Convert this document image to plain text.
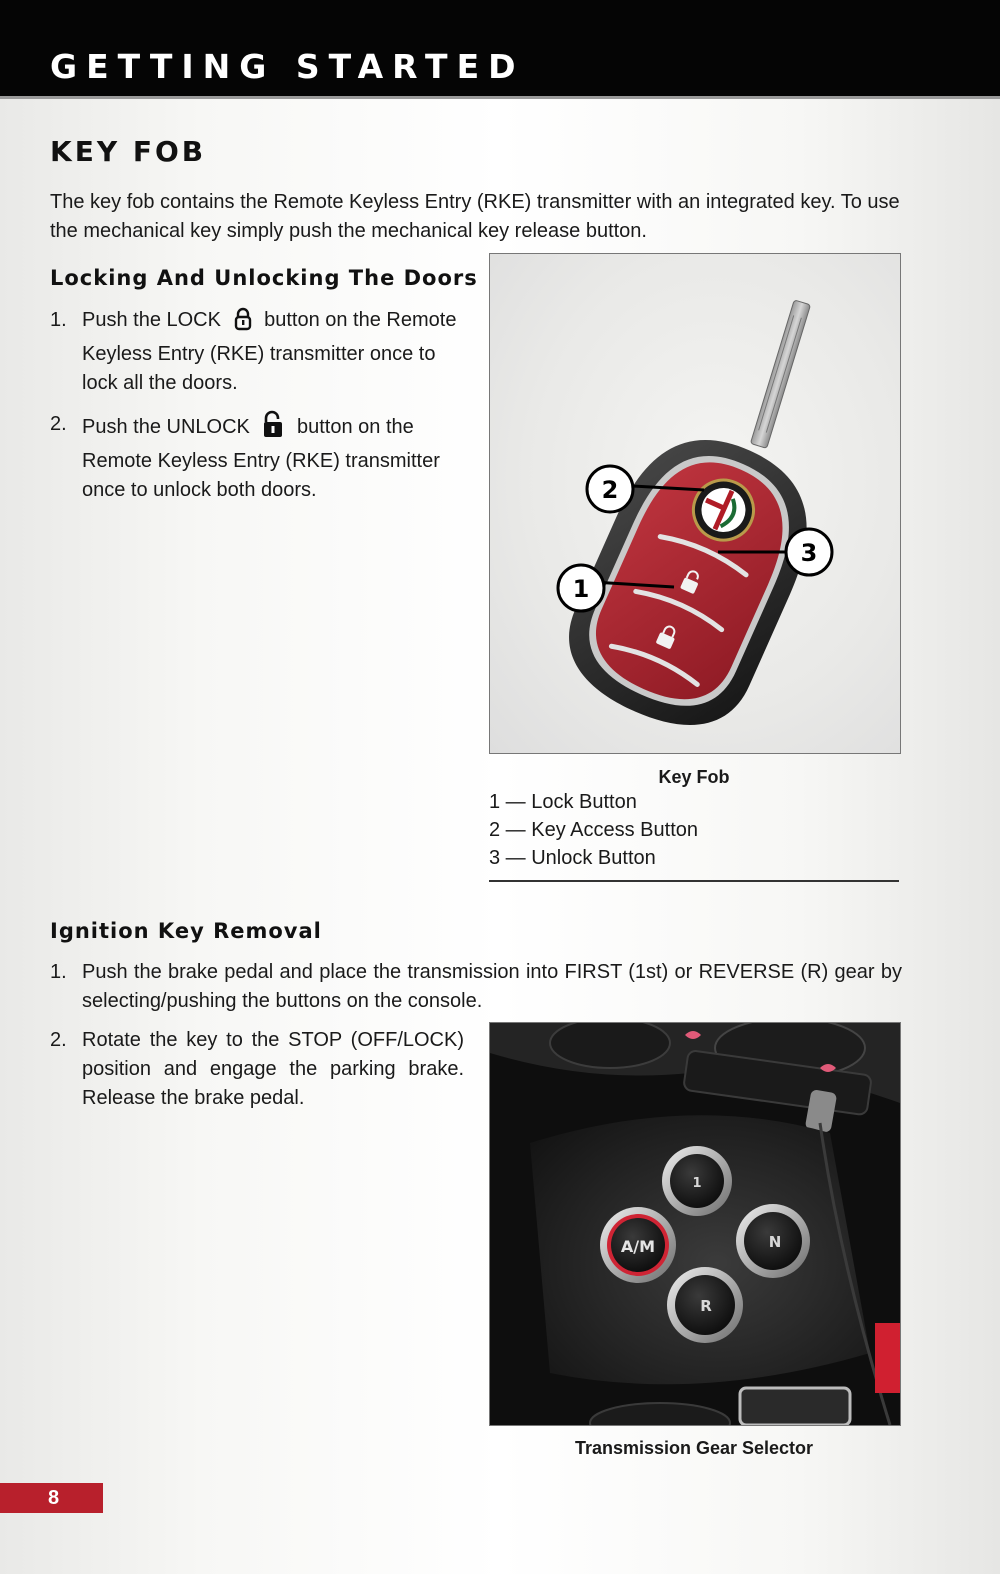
GETTING STARTED
KEY FOB

The key fob contains the Remote Keyless Entry (RKE) transmitter with an integrated key. To use the mechanical key simply push the mechanical key release button.

Locking And Unlocking The Doors
1. Push the LOCK button on the Remote Keyless Entry (RKE) transmitter once to lock all the doors.
2. Push the UNLOCK button on the Remote Keyless Entry (RKE) transmitter once to unlock both doors.	2
3
1
Key Fob
1 — Lock Button
2 — Key Access Button
3 — Unlock Button
Ignition Key Removal
1. Push the brake pedal and place the transmission into FIRST (1st) or REVERSE (R) gear by selecting/pushing the buttons on the console.
2. Rotate the key to the STOP (OFF/LOCK) position and engage the parking brake. Release the brake pedal.
1
A/M	N
R
Transmission Gear Selector
8
